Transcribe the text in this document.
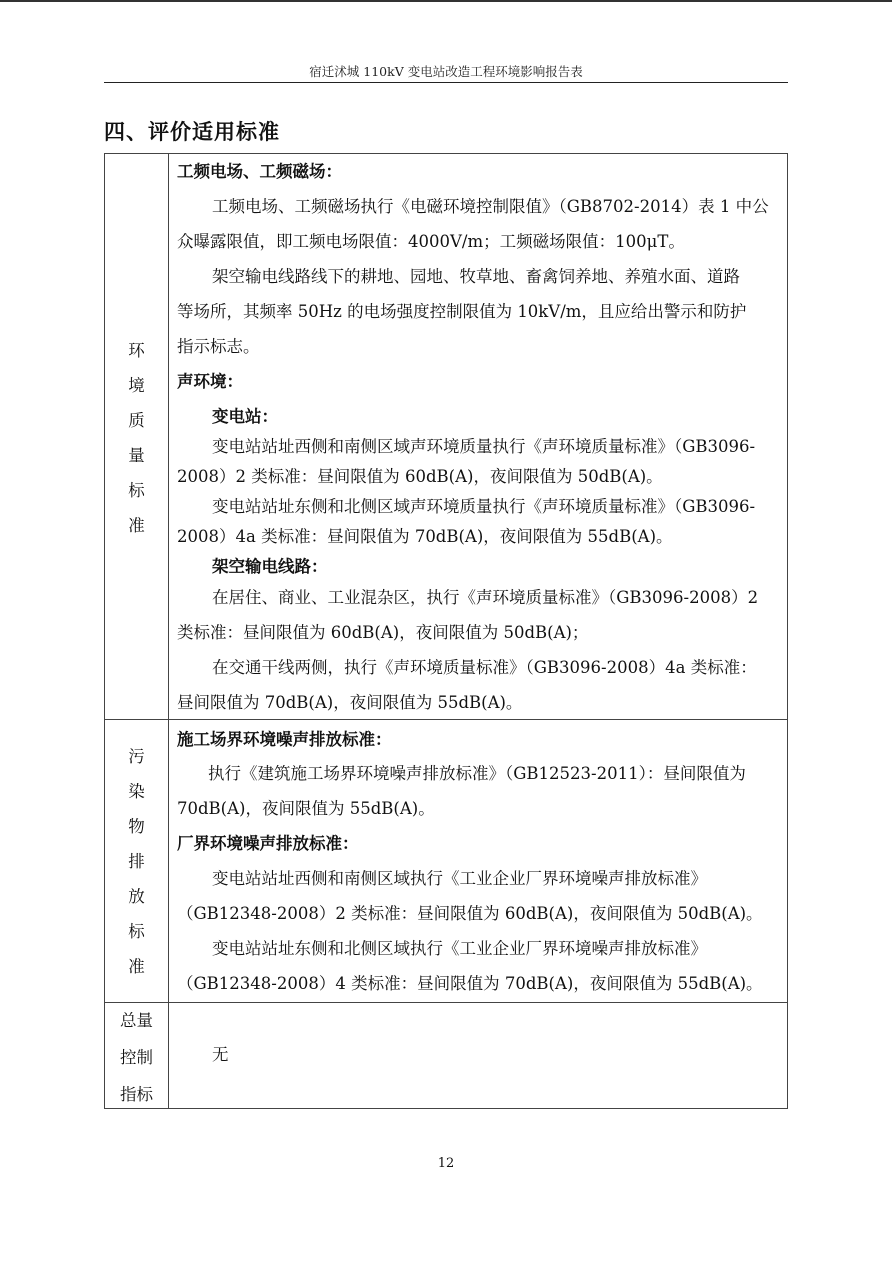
宿迁沭城 110kV 变电站改造工程环境影响报告表
四、评价适用标准
环
境
质
量
标
准
工频电场、工频磁场：
工频电场、工频磁场执行《电磁环境控制限值》（GB8702-2014）表 1 中公
众曝露限值，即工频电场限值：4000V/m；工频磁场限值：100μT。
架空输电线路线下的耕地、园地、牧草地、畜禽饲养地、养殖水面、道路
等场所，其频率 50Hz 的电场强度控制限值为 10kV/m，且应给出警示和防护
指示标志。
声环境：
变电站：
变电站站址西侧和南侧区域声环境质量执行《声环境质量标准》（GB3096-
2008）2 类标准：昼间限值为 60dB(A)，夜间限值为 50dB(A)。
变电站站址东侧和北侧区域声环境质量执行《声环境质量标准》（GB3096-
2008）4a 类标准：昼间限值为 70dB(A)，夜间限值为 55dB(A)。
架空输电线路：
在居住、商业、工业混杂区，执行《声环境质量标准》（GB3096-2008）2
类标准：昼间限值为 60dB(A)，夜间限值为 50dB(A)；
在交通干线两侧，执行《声环境质量标准》（GB3096-2008）4a 类标准：
昼间限值为 70dB(A)，夜间限值为 55dB(A)。
污
染
物
排
放
标
准
施工场界环境噪声排放标准：
执行《建筑施工场界环境噪声排放标准》（GB12523-2011）：昼间限值为
70dB(A)，夜间限值为 55dB(A)。
厂界环境噪声排放标准：
变电站站址西侧和南侧区域执行《工业企业厂界环境噪声排放标准》
（GB12348-2008）2 类标准：昼间限值为 60dB(A)，夜间限值为 50dB(A)。
变电站站址东侧和北侧区域执行《工业企业厂界环境噪声排放标准》
（GB12348-2008）4 类标准：昼间限值为 70dB(A)，夜间限值为 55dB(A)。
总量
控制
指标
无
12
